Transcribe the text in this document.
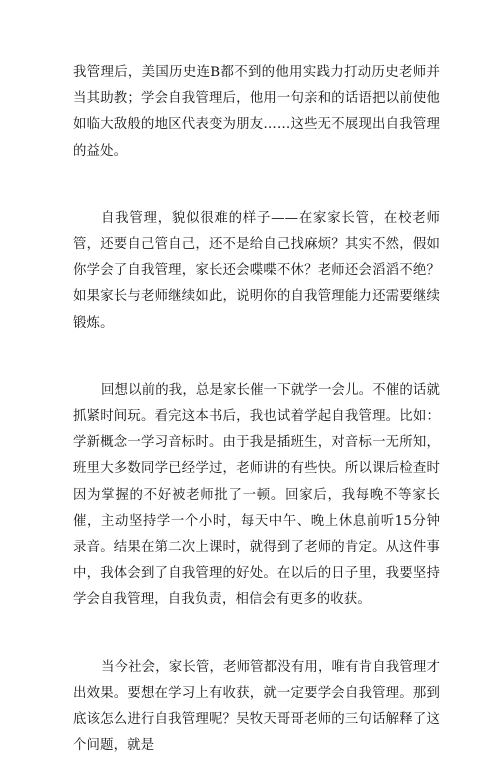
我管理后，美国历史连B都不到的他用实践力打动历史老师并当其助教；学会自我管理后，他用一句亲和的话语把以前使他如临大敌般的地区代表变为朋友……这些无不展现出自我管理的益处。

自我管理，貌似很难的样子——在家家长管，在校老师管，还要自己管自己，还不是给自己找麻烦？其实不然，假如你学会了自我管理，家长还会喋喋不休？老师还会滔滔不绝？如果家长与老师继续如此，说明你的自我管理能力还需要继续锻炼。

回想以前的我，总是家长催一下就学一会儿。不催的话就抓紧时间玩。看完这本书后，我也试着学起自我管理。比如：学新概念一学习音标时。由于我是插班生，对音标一无所知，班里大多数同学已经学过，老师讲的有些快。所以课后检查时因为掌握的不好被老师批了一顿。回家后，我每晚不等家长催，主动坚持学一个小时，每天中午、晚上休息前听15分钟录音。结果在第二次上课时，就得到了老师的肯定。从这件事中，我体会到了自我管理的好处。在以后的日子里，我要坚持学会自我管理，自我负责，相信会有更多的收获。

当今社会，家长管，老师管都没有用，唯有肯自我管理才出效果。要想在学习上有收获，就一定要学会自我管理。那到底该怎么进行自我管理呢？吴牧天哥哥老师的三句话解释了这个问题，就是
